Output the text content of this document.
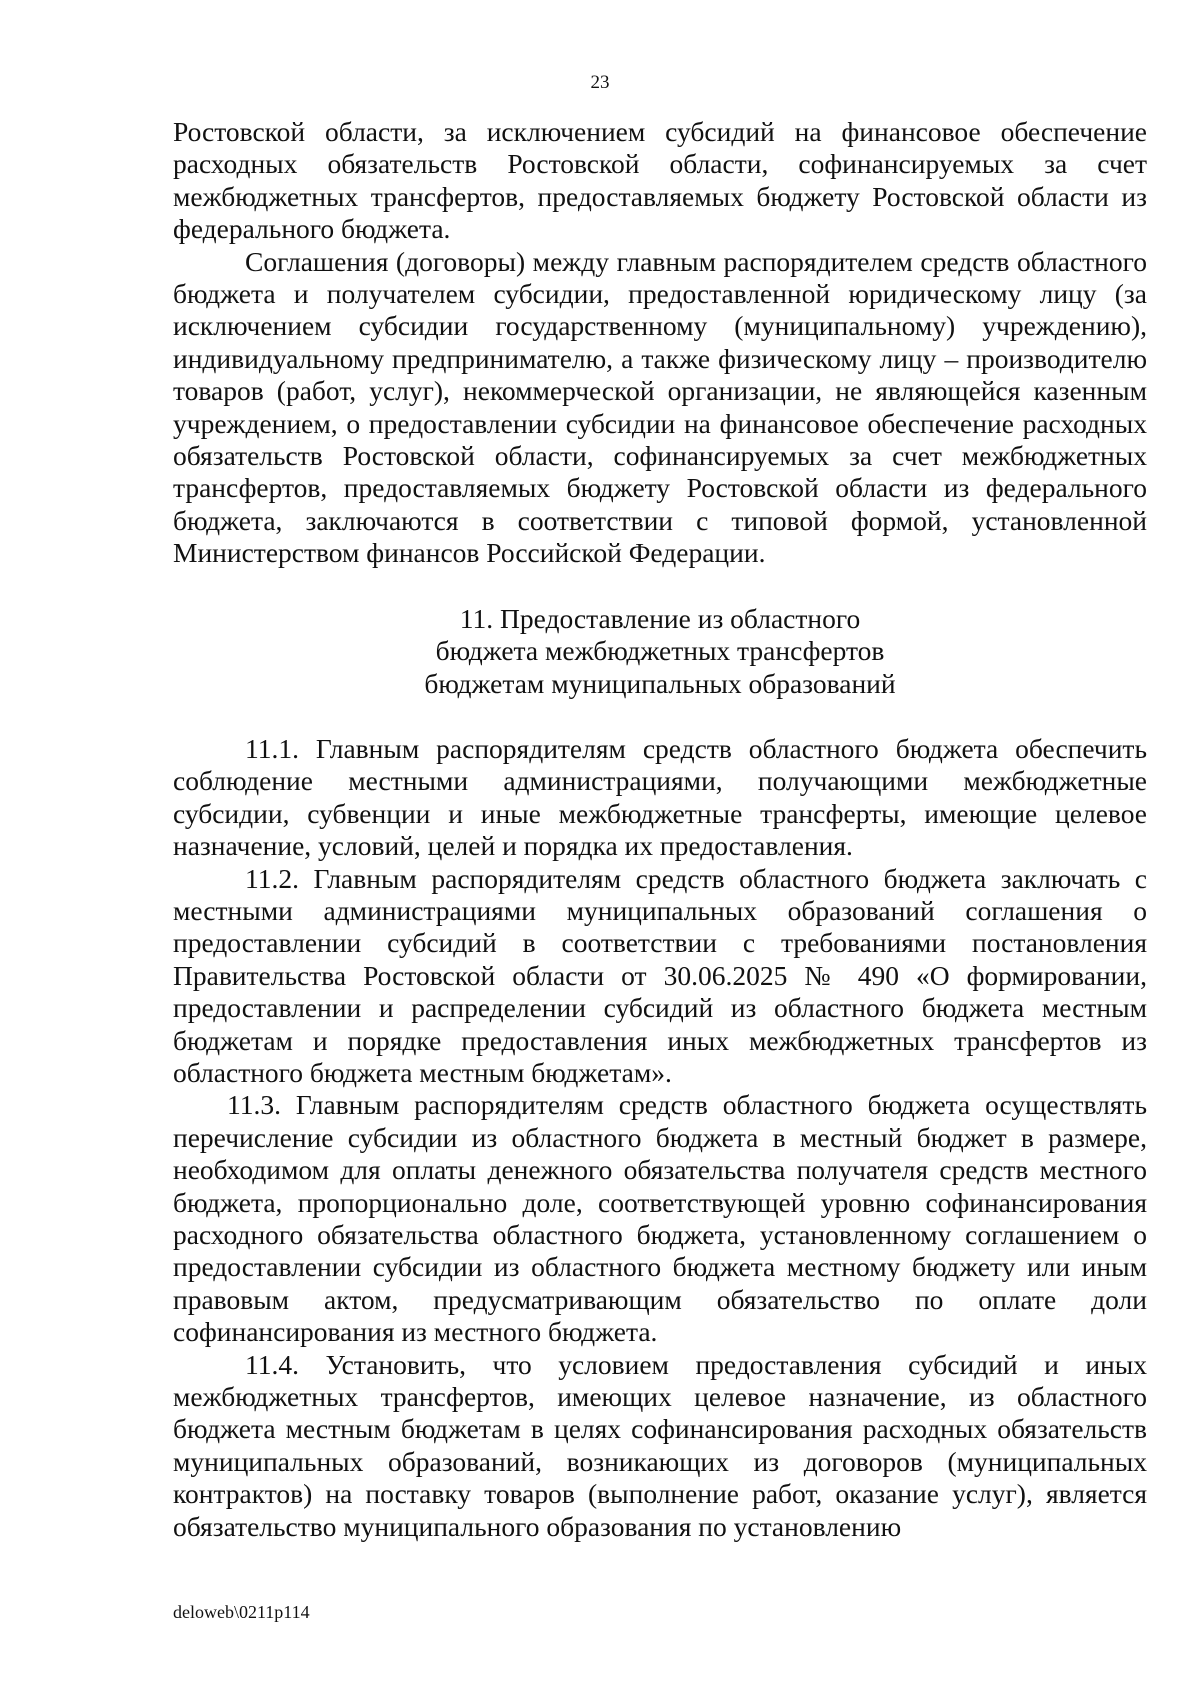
23

Ростовской области, за исключением субсидий на финансовое обеспечение расходных обязательств Ростовской области, софинансируемых за счет межбюджетных трансфертов, предоставляемых бюджету Ростовской области из федерального бюджета.

Соглашения (договоры) между главным распорядителем средств областного бюджета и получателем субсидии, предоставленной юридическому лицу (за исключением субсидии государственному (муниципальному) учреждению), индивидуальному предпринимателю, а также физическому лицу – производителю товаров (работ, услуг), некоммерческой организации, не являющейся казенным учреждением, о предоставлении субсидии на финансовое обеспечение расходных обязательств Ростовской области, софинансируемых за счет межбюджетных трансфертов, предоставляемых бюджету Ростовской области из федерального бюджета, заключаются в соответствии с типовой формой, установленной Министерством финансов Российской Федерации.

11. Предоставление из областного
бюджета межбюджетных трансфертов
бюджетам муниципальных образований

11.1. Главным распорядителям средств областного бюджета обеспечить соблюдение местными администрациями, получающими межбюджетные субсидии, субвенции и иные межбюджетные трансферты, имеющие целевое назначение, условий, целей и порядка их предоставления.

11.2. Главным распорядителям средств областного бюджета заключать с местными администрациями муниципальных образований соглашения о предоставлении субсидий в соответствии с требованиями постановления Правительства Ростовской области от 30.06.2025 № 490 «О формировании, предоставлении и распределении субсидий из областного бюджета местным бюджетам и порядке предоставления иных межбюджетных трансфертов из областного бюджета местным бюджетам».

11.3. Главным распорядителям средств областного бюджета осуществлять перечисление субсидии из областного бюджета в местный бюджет в размере, необходимом для оплаты денежного обязательства получателя средств местного бюджета, пропорционально доле, соответствующей уровню софинансирования расходного обязательства областного бюджета, установленному соглашением о предоставлении субсидии из областного бюджета местному бюджету или иным правовым актом, предусматривающим обязательство по оплате доли софинансирования из местного бюджета.

11.4. Установить, что условием предоставления субсидий и иных межбюджетных трансфертов, имеющих целевое назначение, из областного бюджета местным бюджетам в целях софинансирования расходных обязательств муниципальных образований, возникающих из договоров (муниципальных контрактов) на поставку товаров (выполнение работ, оказание услуг), является обязательство муниципального образования по установлению

deloweb\0211p114
